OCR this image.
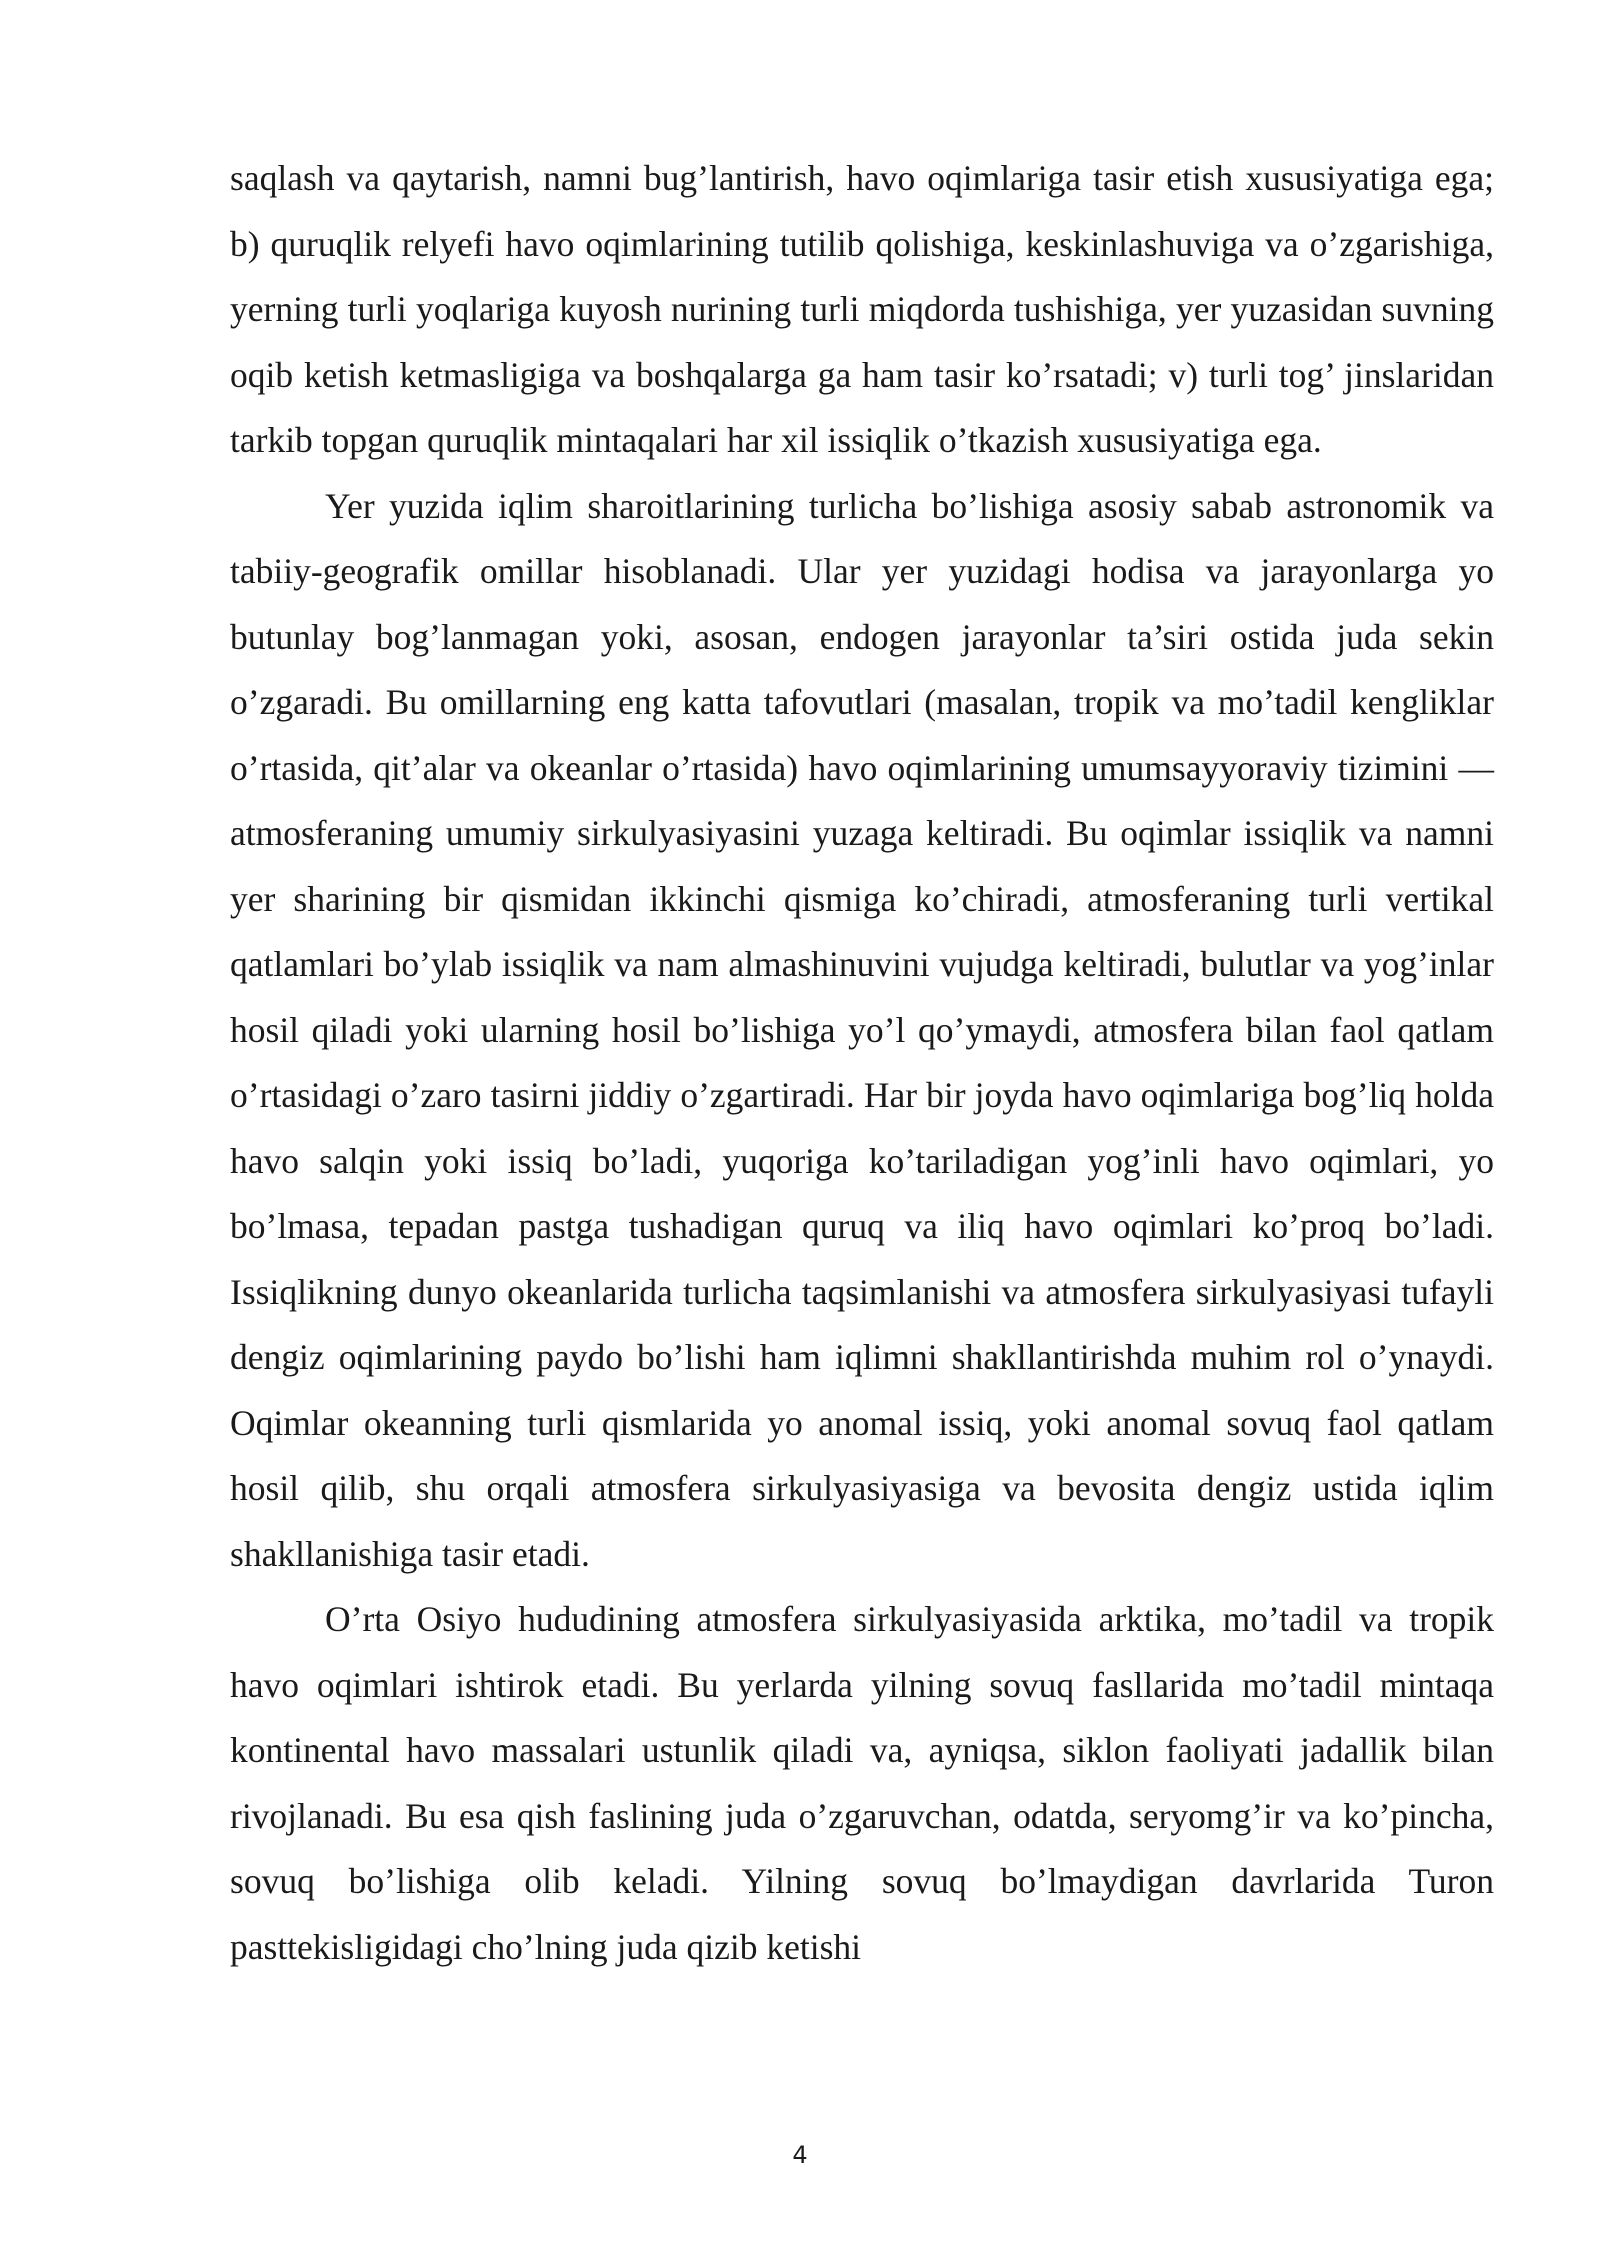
saqlash va qaytarish, namni bug’lantirish, havo oqimlariga tasir etish xususiyatiga ega; b) quruqlik relyefi havo oqimlarining tutilib qolishiga, keskinlashuviga va o’zgarishiga, yerning turli yoqlariga kuyosh nurining turli miqdorda tushishiga, yer yuzasidan suvning oqib ketish ketmasligiga va boshqalarga ga ham tasir ko’rsatadi; v) turli tog’ jinslaridan tarkib topgan quruqlik mintaqalari har xil issiqlik o’tkazish xususiyatiga ega.

Yer yuzida iqlim sharoitlarining turlicha bo’lishiga asosiy sabab astronomik va tabiiy-geografik omillar hisoblanadi. Ular yer yuzidagi hodisa va jarayonlarga yo butunlay bog’lanmagan yoki, asosan, endogen jarayonlar ta’siri ostida juda sekin o’zgaradi. Bu omillarning eng katta tafovutlari (masalan, tropik va mo’tadil kengliklar o’rtasida, qit’alar va okeanlar o’rtasida) havo oqimlarining umumsayyoraviy tizimini — atmosferaning umumiy sirkulyasiyasini yuzaga keltiradi. Bu oqimlar issiqlik va namni yer sharining bir qismidan ikkinchi qismiga ko’chiradi, atmosferaning turli vertikal qatlamlari bo’ylab issiqlik va nam almashinuvini vujudga keltiradi, bulutlar va yog’inlar hosil qiladi yoki ularning hosil bo’lishiga yo’l qo’ymaydi, atmosfera bilan faol qatlam o’rtasidagi o’zaro tasirni jiddiy o’zgartiradi. Har bir joyda havo oqimlariga bog’liq holda havo salqin yoki issiq bo’ladi, yuqoriga ko’tariladigan yog’inli havo oqimlari, yo bo’lmasa, tepadan pastga tushadigan quruq va iliq havo oqimlari ko’proq bo’ladi. Issiqlikning dunyo okeanlarida turlicha taqsimlanishi va atmosfera sirkulyasiyasi tufayli dengiz oqimlarining paydo bo’lishi ham iqlimni shakllantirishda muhim rol o’ynaydi. Oqimlar okeanning turli qismlarida yo anomal issiq, yoki anomal sovuq faol qatlam hosil qilib, shu orqali atmosfera sirkulyasiyasiga va bevosita dengiz ustida iqlim shakllanishiga tasir etadi.

O’rta Osiyo hududining atmosfera sirkulyasiyasida arktika, mo’tadil va tropik havo oqimlari ishtirok etadi. Bu yerlarda yilning sovuq fasllarida mo’tadil mintaqa kontinental havo massalari ustunlik qiladi va, ayniqsa, siklon faoliyati jadallik bilan rivojlanadi. Bu esa qish faslining juda o’zgaruvchan, odatda, seryomg’ir va ko’pincha, sovuq bo’lishiga olib keladi. Yilning sovuq bo’lmaydigan davrlarida Turon pasttekisligidagi cho’lning juda qizib ketishi

4
